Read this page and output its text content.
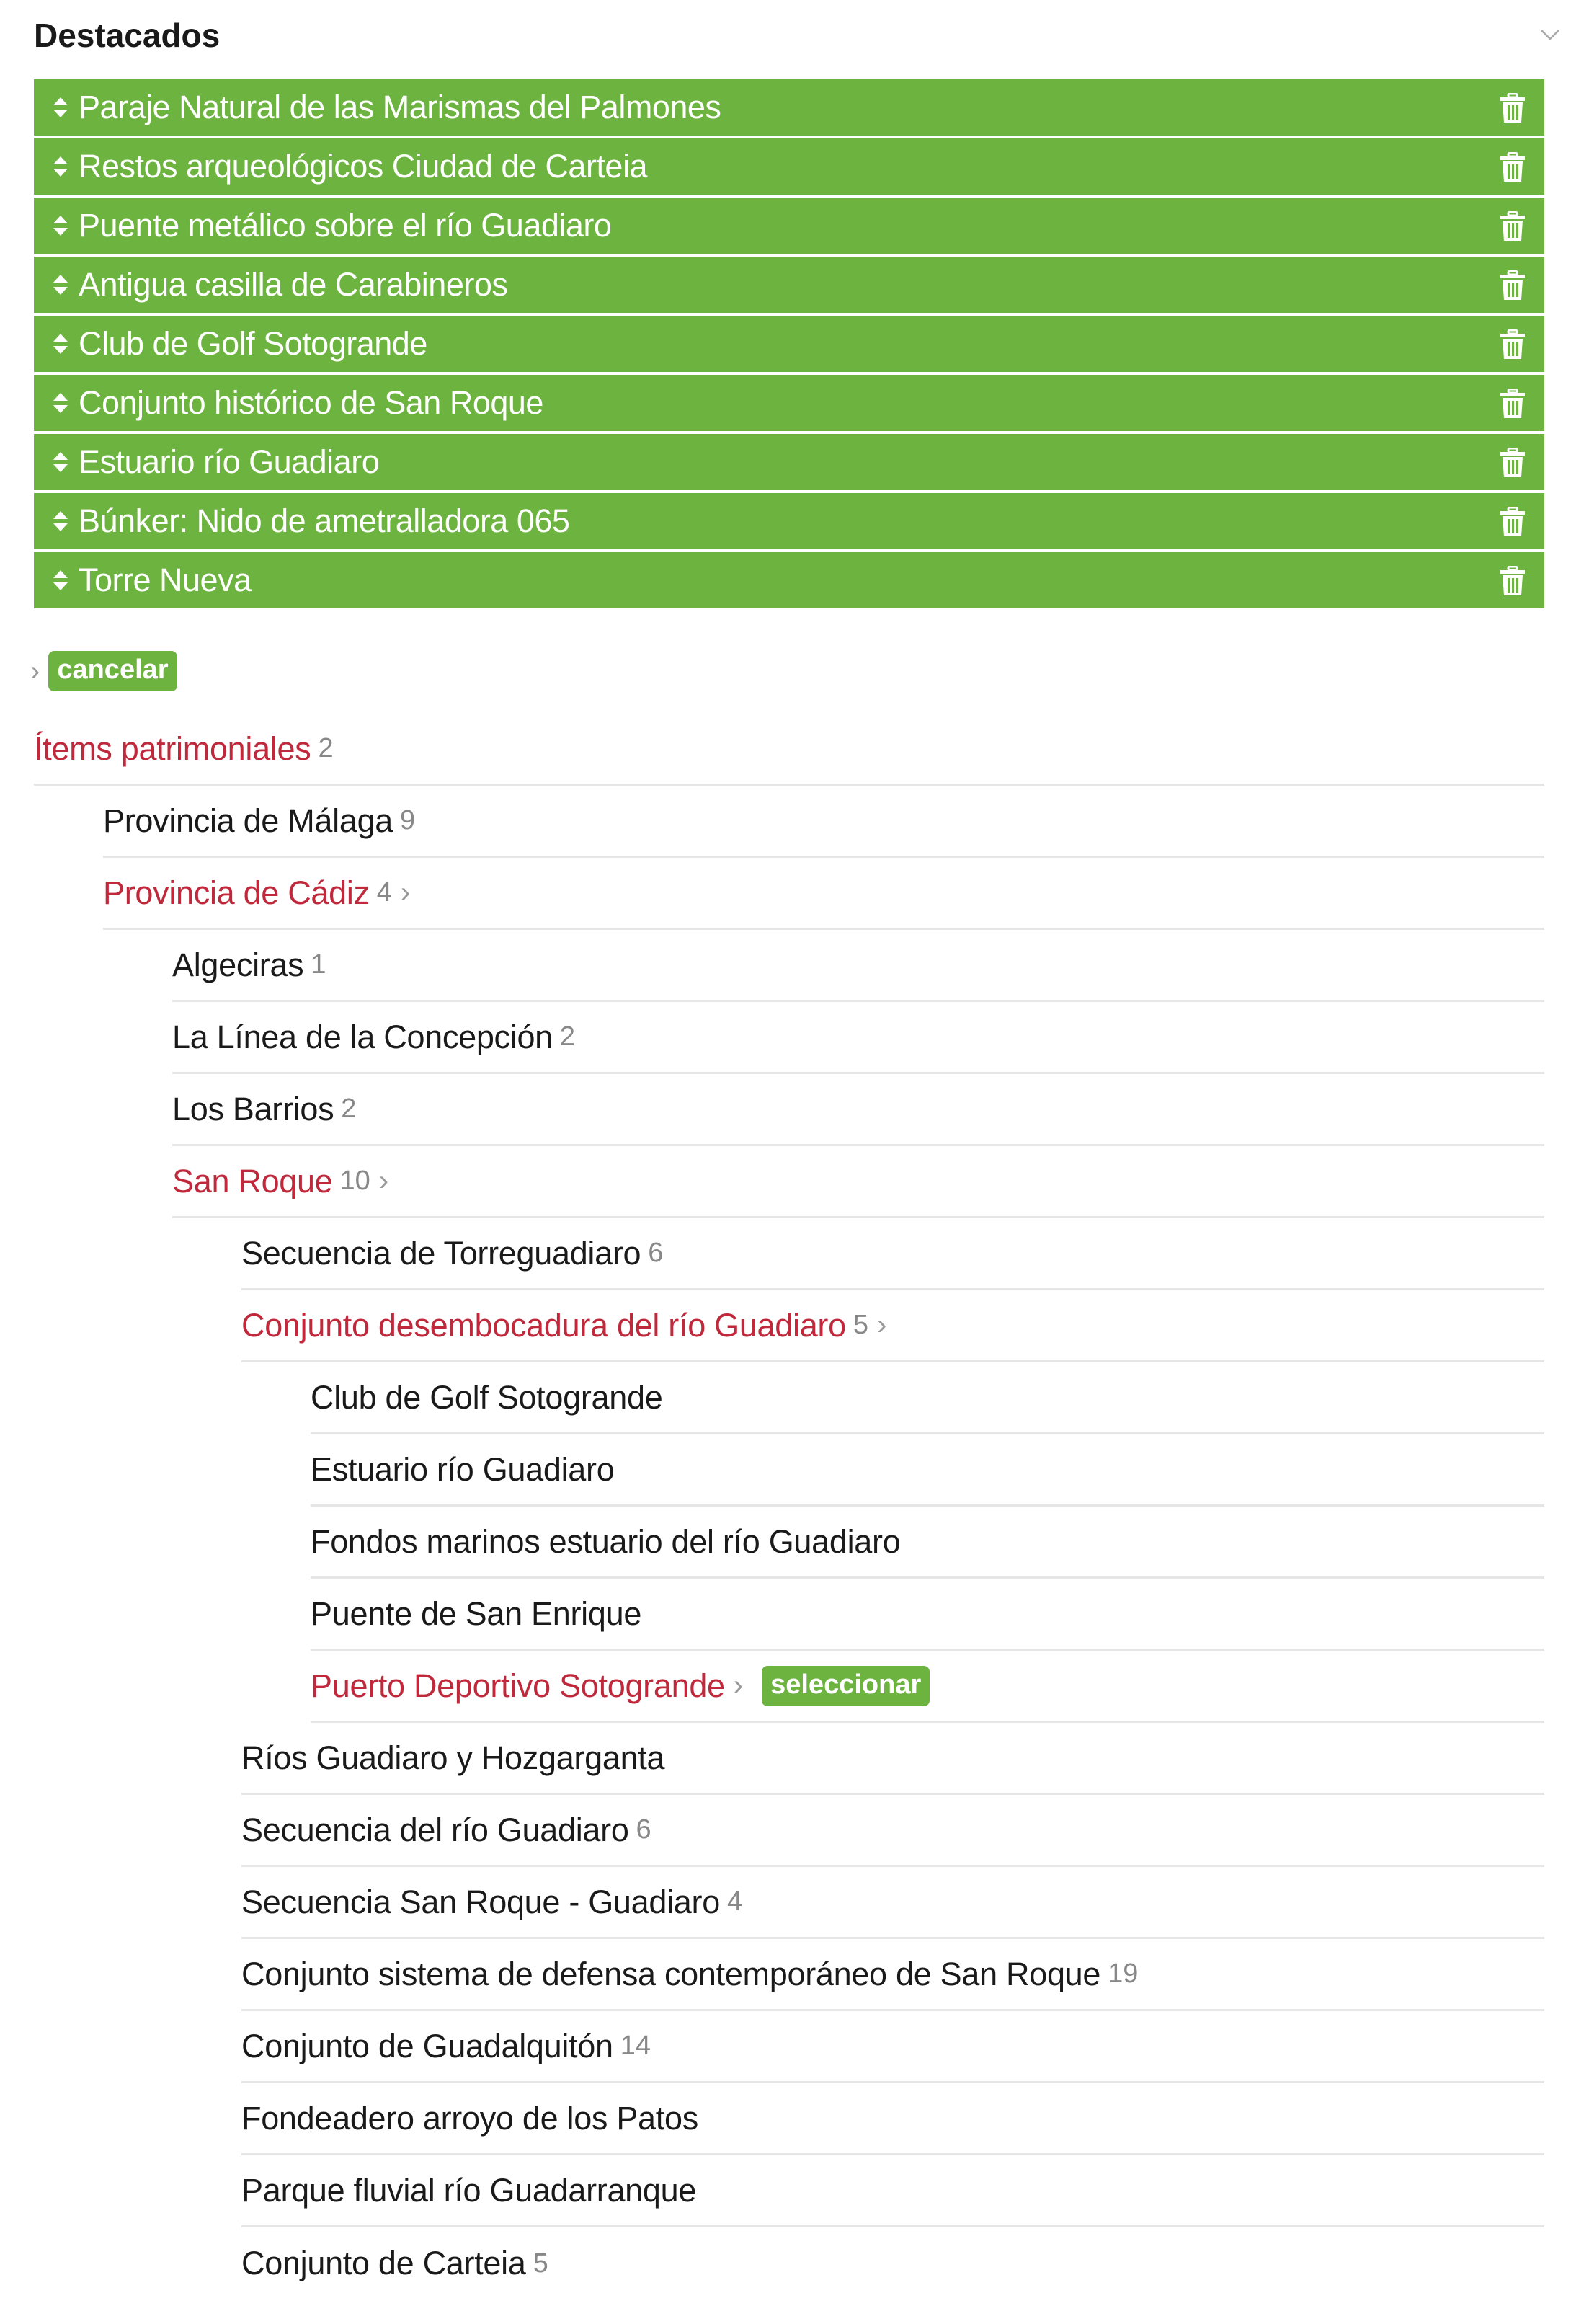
Destacados
Paraje Natural de las Marismas del Palmones
Restos arqueológicos Ciudad de Carteia
Puente metálico sobre el río Guadiaro
Antigua casilla de Carabineros
Club de Golf Sotogrande
Conjunto histórico de San Roque
Estuario río Guadiaro
Búnker: Nido de ametralladora 065
Torre Nueva
› cancelar
Ítems patrimoniales 2
Provincia de Málaga 9
Provincia de Cádiz 4 ›
Algeciras 1
La Línea de la Concepción 2
Los Barrios 2
San Roque 10 ›
Secuencia de Torreguadiaro 6
Conjunto desembocadura del río Guadiaro 5 ›
Club de Golf Sotogrande
Estuario río Guadiaro
Fondos marinos estuario del río Guadiaro
Puente de San Enrique
Puerto Deportivo Sotogrande ›	seleccionar
Ríos Guadiaro y Hozgarganta
Secuencia del río Guadiaro 6
Secuencia San Roque - Guadiaro 4
Conjunto sistema de defensa contemporáneo de San Roque 19
Conjunto de Guadalquitón 14
Fondeadero arroyo de los Patos
Parque fluvial río Guadarranque
Conjunto de Carteia 5
